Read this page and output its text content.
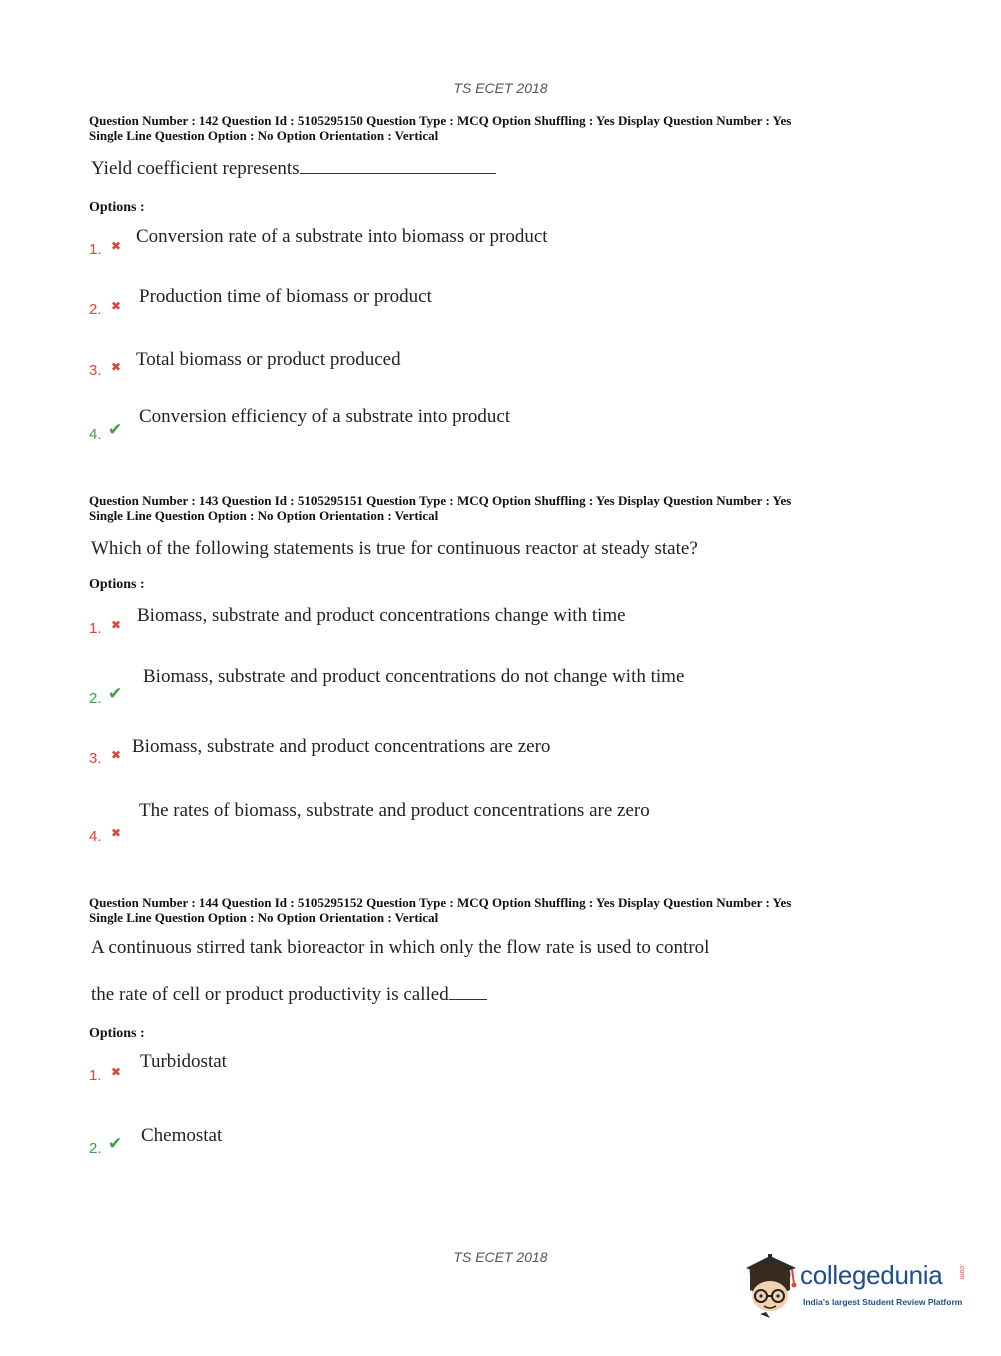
TS ECET 2018
Question Number : 142 Question Id : 5105295150 Question Type : MCQ Option Shuffling : Yes Display Question Number : Yes
Single Line Question Option : No Option Orientation : Vertical
Yield coefficient represents
Options :
1. ✖ Conversion rate of a substrate into biomass or product
2. ✖ Production time of biomass or product
3. ✖ Total biomass or product produced
4. ✔
Conversion efficiency of a substrate into product
Question Number : 143 Question Id : 5105295151 Question Type : MCQ Option Shuffling : Yes Display Question Number : Yes
Single Line Question Option : No Option Orientation : Vertical
Which of the following statements is true for continuous reactor at steady state?
Options :
1. ✖ Biomass, substrate and product concentrations change with time
2. ✔
Biomass, substrate and product concentrations do not change with time
3. ✖ Biomass, substrate and product concentrations are zero
4. ✖
The rates of biomass, substrate and product concentrations are zero
Question Number : 144 Question Id : 5105295152 Question Type : MCQ Option Shuffling : Yes Display Question Number : Yes
Single Line Question Option : No Option Orientation : Vertical
A continuous stirred tank bioreactor in which only the flow rate is used to control
the rate of cell or product productivity is called
Options :
1. ✖ Turbidostat
2. ✔ Chemostat
TS ECET 2018
collegedunia .com
India's largest Student Review Platform
